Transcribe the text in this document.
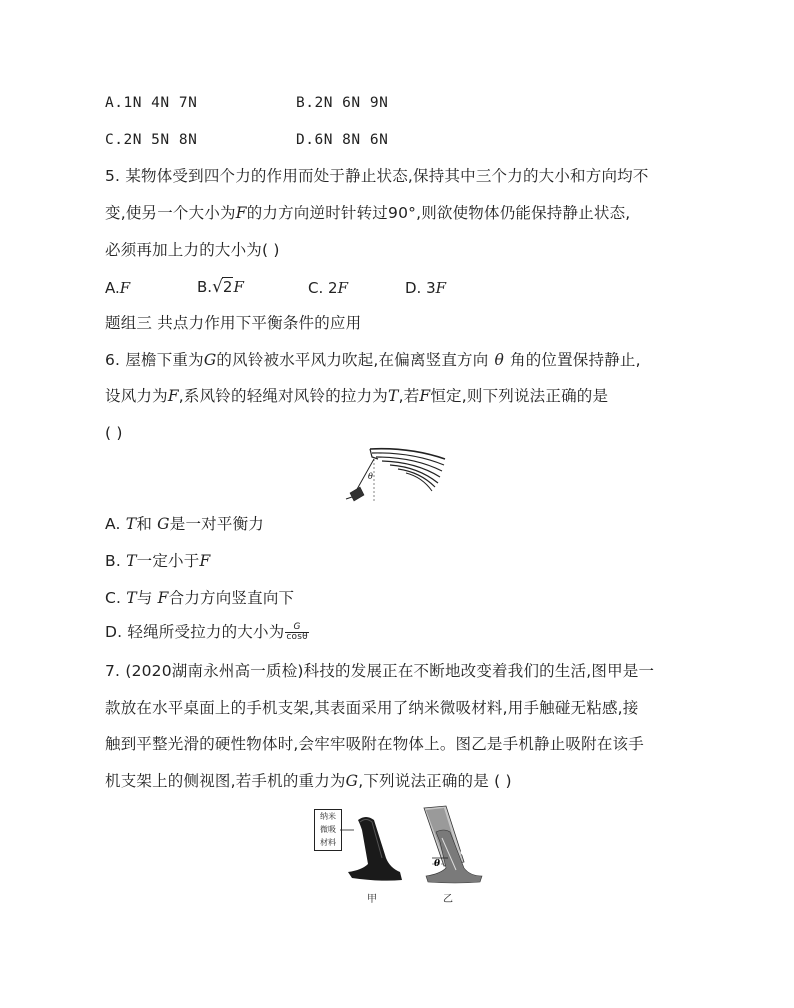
A.1N 4N 7N	B.2N 6N 9N
C.2N 5N 8N	D.6N 8N 6N
5. 某物体受到四个力的作用而处于静止状态,保持其中三个力的大小和方向均不
变,使另一个大小为F的力方向逆时针转过90°,则欲使物体仍能保持静止状态,
必须再加上力的大小为( )
A.F	B.√2F	C. 2F	D. 3F
题组三 共点力作用下平衡条件的应用
6. 屋檐下重为G的风铃被水平风力吹起,在偏离竖直方向 θ 角的位置保持静止,
设风力为F,系风铃的轻绳对风铃的拉力为T,若F恒定,则下列说法正确的是
( )
θ
A. T和 G是一对平衡力
B. T一定小于F
C. T与 F合力方向竖直向下
D. 轻绳所受拉力的大小为 $\frac{G}{\cos\theta}$
7. (2020湖南永州高一质检)科技的发展正在不断地改变着我们的生活,图甲是一
款放在水平桌面上的手机支架,其表面采用了纳米微吸材料,用手触碰无粘感,接
触到平整光滑的硬性物体时,会牢牢吸附在物体上。图乙是手机静止吸附在该手
机支架上的侧视图,若手机的重力为G,下列说法正确的是 ( )
纳米
微吸
材料
θ
甲	乙
